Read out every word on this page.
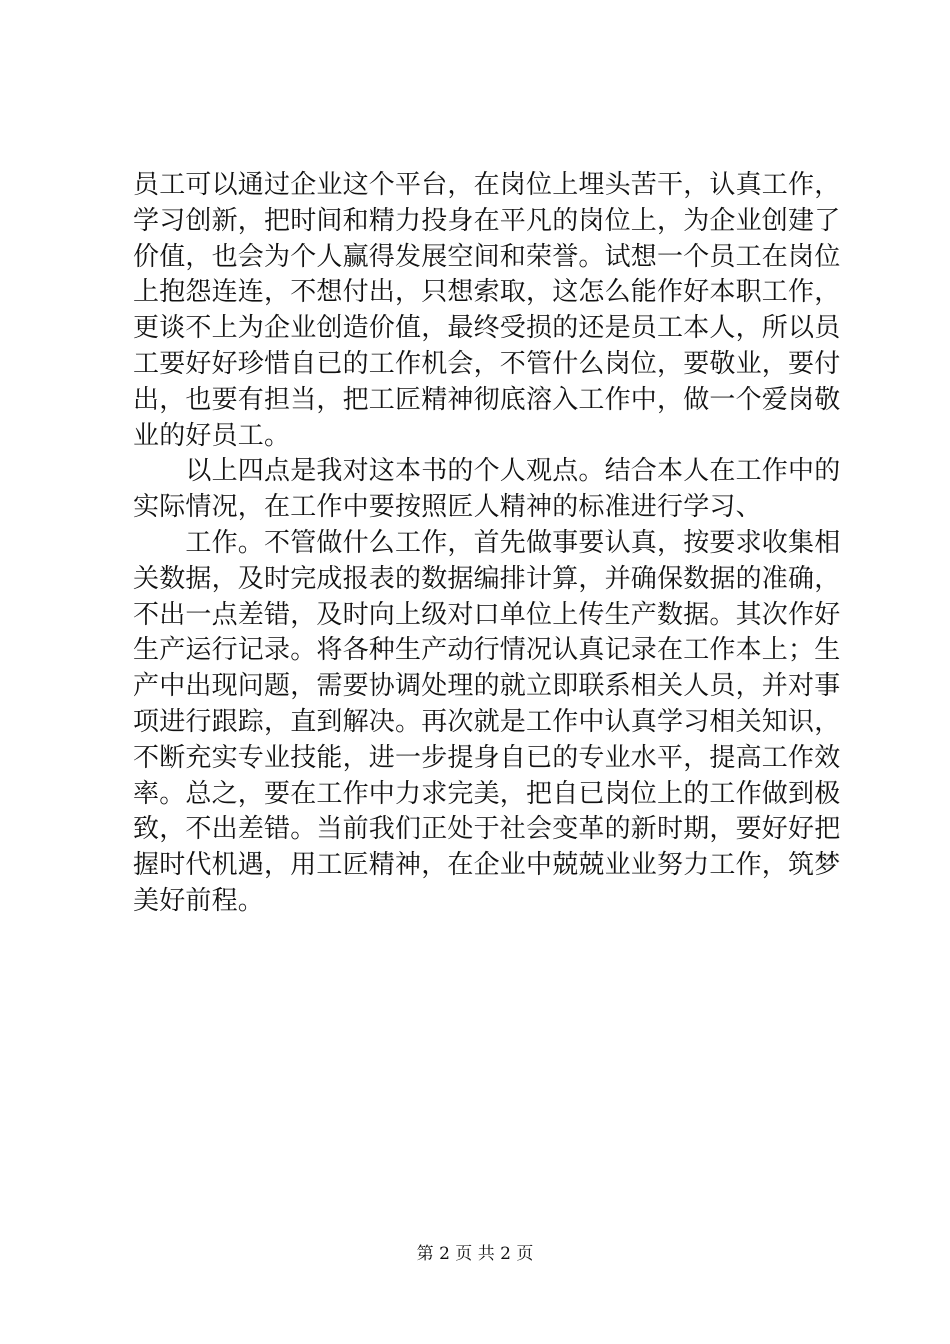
员工可以通过企业这个平台，在岗位上埋头苦干，认真工作，
学习创新，把时间和精力投身在平凡的岗位上，为企业创建了
价值，也会为个人赢得发展空间和荣誉。试想一个员工在岗位
上抱怨连连，不想付出，只想索取，这怎么能作好本职工作，
更谈不上为企业创造价值，最终受损的还是员工本人，所以员
工要好好珍惜自已的工作机会，不管什么岗位，要敬业，要付
出，也要有担当，把工匠精神彻底溶入工作中，做一个爱岗敬
业的好员工。
　　以上四点是我对这本书的个人观点。结合本人在工作中的
实际情况，在工作中要按照匠人精神的标准进行学习、
　　工作。不管做什么工作，首先做事要认真，按要求收集相
关数据，及时完成报表的数据编排计算，并确保数据的准确，
不出一点差错，及时向上级对口单位上传生产数据。其次作好
生产运行记录。将各种生产动行情况认真记录在工作本上；生
产中出现问题，需要协调处理的就立即联系相关人员，并对事
项进行跟踪，直到解决。再次就是工作中认真学习相关知识，
不断充实专业技能，进一步提身自已的专业水平，提高工作效
率。总之，要在工作中力求完美，把自已岗位上的工作做到极
致，不出差错。当前我们正处于社会变革的新时期，要好好把
握时代机遇，用工匠精神，在企业中兢兢业业努力工作，筑梦
美好前程。
第 2 页 共 2 页
